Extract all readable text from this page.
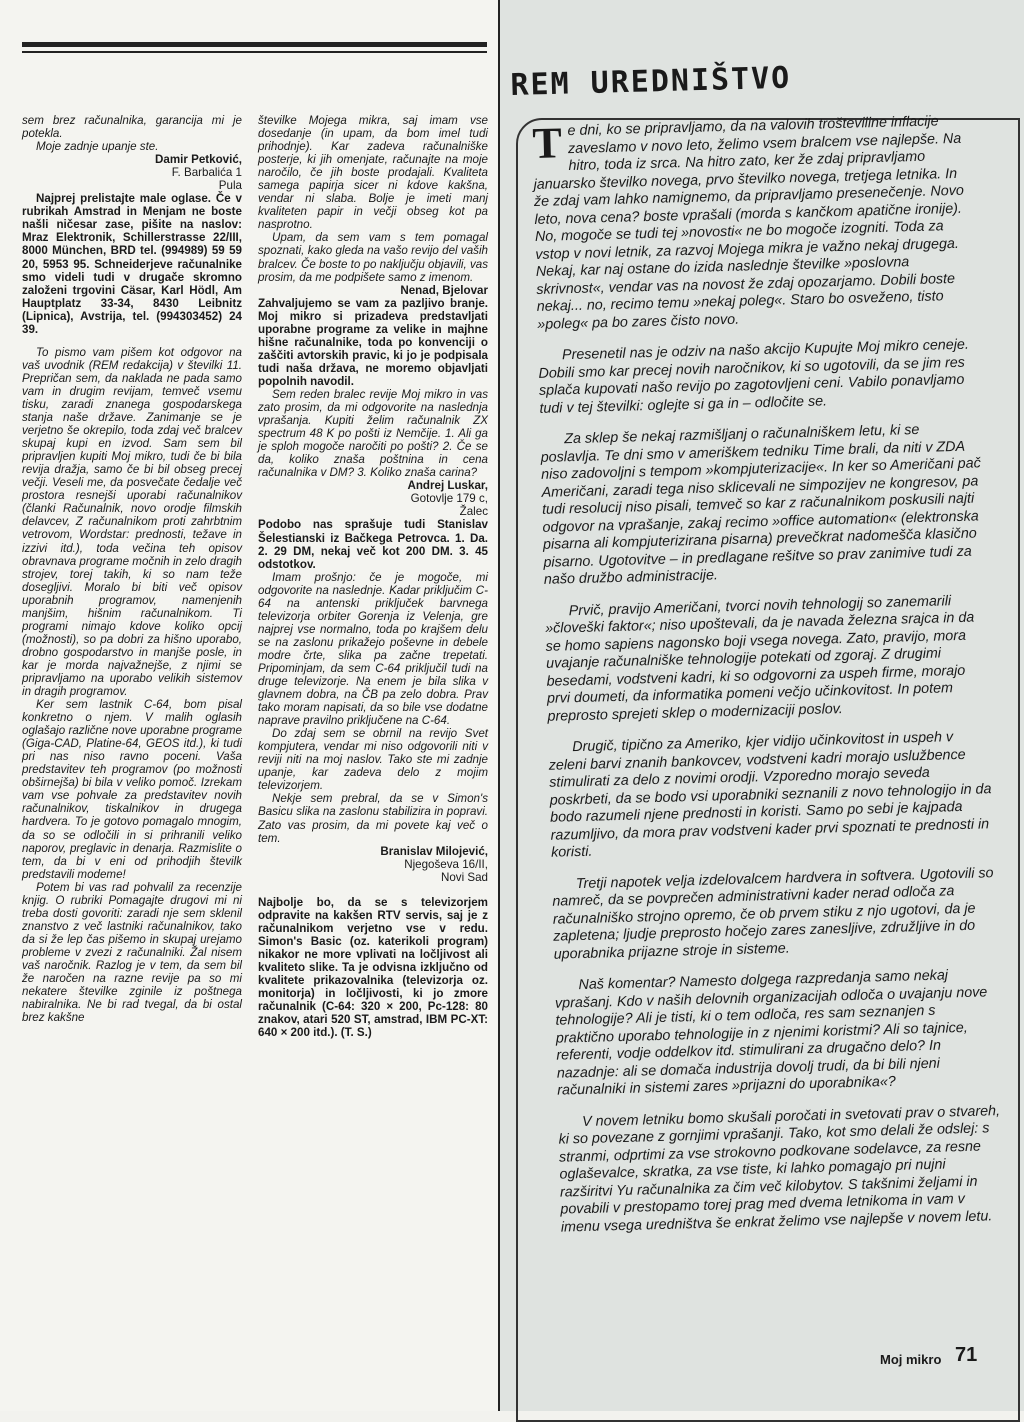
sem brez računalnika, garancija mi je potekla.

Moje zadnje upanje ste.

Damir Petković,

F. Barbalića 1

Pula

Najprej prelistajte male oglase. Če v rubrikah Amstrad in Menjam ne boste našli ničesar zase, pišite na naslov: Mraz Elektronik, Schillerstrasse 22/III, 8000 München, BRD tel. (994989) 59 59 20, 5953 95. Schneiderjeve računalnike smo videli tudi v drugače skromno založeni trgovini Cäsar, Karl Hödl, Am Hauptplatz 33-34, 8430 Leibnitz (Lipnica), Avstrija, tel. (994303452) 24 39.

To pismo vam pišem kot odgovor na vaš uvodnik (REM redakcija) v številki 11. Prepričan sem, da naklada ne pada samo vam in drugim revijam, temveč vsemu tisku, zaradi znanega gospodarskega stanja naše države. Zanimanje se je verjetno še okrepilo, toda zdaj več bralcev skupaj kupi en izvod. Sam sem bil pripravljen kupiti Moj mikro, tudi če bi bila revija dražja, samo če bi bil obseg precej večji. Veseli me, da posvečate čedalje več prostora resnejši uporabi računalnikov (članki Računalnik, novo orodje filmskih delavcev, Z računalnikom proti zahrbtnim vetrovom, Wordstar: prednosti, težave in izzivi itd.), toda večina teh opisov obravnava programe močnih in zelo dragih strojev, torej takih, ki so nam teže dosegljivi. Moralo bi biti več opisov uporabnih programov, namenjenih manjšim, hišnim računalnikom. Ti programi nimajo kdove koliko opcij (možnosti), so pa dobri za hišno uporabo, drobno gospodarstvo in manjše posle, in kar je morda najvažnejše, z njimi se pripravljamo na uporabo velikih sistemov in dragih programov.

Ker sem lastnik C-64, bom pisal konkretno o njem. V malih oglasih oglašajo različne nove uporabne programe (Giga-CAD, Platine-64, GEOS itd.), ki tudi pri nas niso ravno poceni. Vaša predstavitev teh programov (po možnosti obširnejša) bi bila v veliko pomoč. Izrekam vam vse pohvale za predstavitev novih računalnikov, tiskalnikov in drugega hardvera. To je gotovo pomagalo mnogim, da so se odločili in si prihranili veliko naporov, preglavic in denarja. Razmislite o tem, da bi v eni od prihodjih številk predstavili modeme!

Potem bi vas rad pohvalil za recenzije knjig. O rubriki Pomagajte drugovi mi ni treba dosti govoriti: zaradi nje sem sklenil znanstvo z več lastniki računalnikov, tako da si že lep čas pišemo in skupaj urejamo probleme v zvezi z računalniki. Žal nisem vaš naročnik. Razlog je v tem, da sem bil že naročen na razne revije pa so mi nekatere številke zginile iz poštnega nabiralnika. Ne bi rad tvegal, da bi ostal brez kakšne

številke Mojega mikra, saj imam vse dosedanje (in upam, da bom imel tudi prihodnje). Kar zadeva računalniške posterje, ki jih omenjate, računajte na moje naročilo, če jih boste prodajali. Kvaliteta samega papirja sicer ni kdove kakšna, vendar ni slaba. Bolje je imeti manj kvaliteten papir in večji obseg kot pa nasprotno.

Upam, da sem vam s tem pomagal spoznati, kako gleda na vašo revijo del vaših bralcev. Če boste to po naključju objavili, vas prosim, da me podpišete samo z imenom.

Nenad, Bjelovar

Zahvaljujemo se vam za pazljivo branje. Moj mikro si prizadeva predstavljati uporabne programe za velike in majhne hišne računalnike, toda po konvenciji o zaščiti avtorskih pravic, ki jo je podpisala tudi naša država, ne moremo objavljati popolnih navodil.

Sem reden bralec revije Moj mikro in vas zato prosim, da mi odgovorite na naslednja vprašanja. Kupiti želim računalnik ZX spectrum 48 K po pošti iz Nemčije. 1. Ali ga je sploh mogoče naročiti po pošti? 2. Če se da, koliko znaša poštnina in cena računalnika v DM? 3. Koliko znaša carina?

Andrej Luskar,

Gotovlje 179 c,

Žalec

Podobo nas sprašuje tudi Stanislav Šelestianski iz Bačkega Petrovca. 1. Da. 2. 29 DM, nekaj več kot 200 DM. 3. 45 odstotkov.

Imam prošnjo: če je mogoče, mi odgovorite na naslednje. Kadar priključim C-64 na antenski priključek barvnega televizorja orbiter Gorenja iz Velenja, gre najprej vse normalno, toda po krajšem delu se na zaslonu prikažejo poševne in debele modre črte, slika pa začne trepetati. Pripominjam, da sem C-64 priključil tudi na druge televizorje. Na enem je bila slika v glavnem dobra, na ČB pa zelo dobra. Prav tako moram napisati, da so bile vse dodatne naprave pravilno priključene na C-64.

Do zdaj sem se obrnil na revijo Svet kompjutera, vendar mi niso odgovorili niti v reviji niti na moj naslov. Tako ste mi zadnje upanje, kar zadeva delo z mojim televizorjem.

Nekje sem prebral, da se v Simon's Basicu slika na zaslonu stabilizira in popravi. Zato vas prosim, da mi povete kaj več o tem.

Branislav Milojević,

Njegoševa 16/II,

Novi Sad

Najbolje bo, da se s televizorjem odpravite na kakšen RTV servis, saj je z računalnikom verjetno vse v redu. Simon's Basic (oz. katerikoli program) nikakor ne more vplivati na ločljivost ali kvaliteto slike. Ta je odvisna izključno od kvalitete prikazovalnika (televizorja oz. monitorja) in ločljivosti, ki jo zmore računalnik (C-64: 320 × 200, Pc-128: 80 znakov, atari 520 ST, amstrad, IBM PC-XT: 640 × 200 itd.). (T. S.)

REM UREDNIŠTVO

Te dni, ko se pripravljamo, da na valovih trošteviline inflacije zaveslamo v novo leto, želimo vsem bralcem vse najlepše. Na hitro, toda iz srca. Na hitro zato, ker že zdaj pripravljamo januarsko številko novega, prvo številko novega, tretjega letnika. In že zdaj vam lahko namignemo, da pripravljamo presenečenje. Novo leto, nova cena? boste vprašali (morda s kančkom apatične ironije). No, mogoče se tudi tej »novosti« ne bo mogoče izogniti. Toda za vstop v novi letnik, za razvoj Mojega mikra je važno nekaj drugega. Nekaj, kar naj ostane do izida naslednje številke »poslovna skrivnost«, vendar vas na novost že zdaj opozarjamo. Dobili boste nekaj... no, recimo temu »nekaj poleg«. Staro bo osveženo, tisto »poleg« pa bo zares čisto novo.

Presenetil nas je odziv na našo akcijo Kupujte Moj mikro ceneje. Dobili smo kar precej novih naročnikov, ki so ugotovili, da se jim res splača kupovati našo revijo po zagotovljeni ceni. Vabilo ponavljamo tudi v tej številki: oglejte si ga in – odločite se.

Za sklep še nekaj razmišljanj o računalniškem letu, ki se poslavlja. Te dni smo v ameriškem tedniku Time brali, da niti v ZDA niso zadovoljni s tempom »kompjuterizacije«. In ker so Američani pač Američani, zaradi tega niso sklicevali ne simpozijev ne kongresov, pa tudi resolucij niso pisali, temveč so kar z računalnikom poskusili najti odgovor na vprašanje, zakaj recimo »office automation« (elektronska pisarna ali kompjuterizirana pisarna) prevečkrat nadomešča klasično pisarno. Ugotovitve – in predlagane rešitve so prav zanimive tudi za našo družbo administracije.

Prvič, pravijo Američani, tvorci novih tehnologij so zanemarili »človeški faktor«; niso upoštevali, da je navada železna srajca in da se homo sapiens nagonsko boji vsega novega. Zato, pravijo, mora uvajanje računalniške tehnologije potekati od zgoraj. Z drugimi besedami, vodstveni kadri, ki so odgovorni za uspeh firme, morajo prvi doumeti, da informatika pomeni večjo učinkovitost. In potem preprosto sprejeti sklep o modernizaciji poslov.

Drugič, tipično za Ameriko, kjer vidijo učinkovitost in uspeh v zeleni barvi znanih bankovcev, vodstveni kadri morajo uslužbence stimulirati za delo z novimi orodji. Vzporedno morajo seveda poskrbeti, da se bodo vsi uporabniki seznanili z novo tehnologijo in da bodo razumeli njene prednosti in koristi. Samo po sebi je kajpada razumljivo, da mora prav vodstveni kader prvi spoznati te prednosti in koristi.

Tretji napotek velja izdelovalcem hardvera in softvera. Ugotovili so namreč, da se povprečen administrativni kader nerad odloča za računalniško strojno opremo, če ob prvem stiku z njo ugotovi, da je zapletena; ljudje preprosto hočejo zares zanesljive, združljive in do uporabnika prijazne stroje in sisteme.

Naš komentar? Namesto dolgega razpredanja samo nekaj vprašanj. Kdo v naših delovnih organizacijah odloča o uvajanju nove tehnologije? Ali je tisti, ki o tem odloča, res sam seznanjen s praktično uporabo tehnologije in z njenimi koristmi? Ali so tajnice, referenti, vodje oddelkov itd. stimulirani za drugačno delo? In nazadnje: ali se domača industrija dovolj trudi, da bi bili njeni računalniki in sistemi zares »prijazni do uporabnika«?

V novem letniku bomo skušali poročati in svetovati prav o stvareh, ki so povezane z gornjimi vprašanji. Tako, kot smo delali že odslej: s stranmi, odprtimi za vse strokovno podkovane sodelavce, za resne oglaševalce, skratka, za vse tiste, ki lahko pomagajo pri nujni razširitvi Yu računalnika za čim več kilobytov. S takšnimi željami in povabili v prestopamo torej prag med dvema letnikoma in vam v imenu vsega uredništva še enkrat želimo vse najlepše v novem letu.

Moj mikro 71
